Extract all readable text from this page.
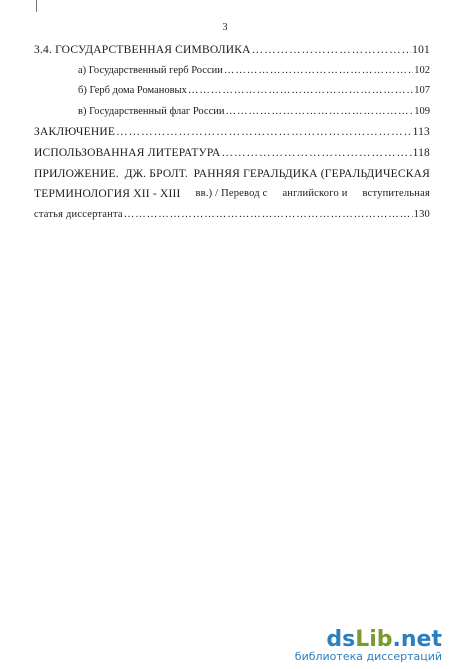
3
3.4. ГОСУДАРСТВЕННАЯ СИМВОЛИКА …………………………………………………………………………………………………………………………………………	101
а) Государственный герб России …………………………………………………………………………………………………………………………………………	102
б) Герб дома Романовых …………………………………………………………………………………………………………………………………………	107
в) Государственный флаг России …………………………………………………………………………………………………………………………………………	109
ЗАКЛЮЧЕНИЕ …………………………………………………………………………………………………………………………………………	113
ИСПОЛЬЗОВАННАЯ ЛИТЕРАТУРА …………………………………………………………………………………………………………………………………………	118
ПРИЛОЖЕНИЕ. ДЖ. БРОЛТ. РАННЯЯ ГЕРАЛЬДИКА (ГЕРАЛЬДИЧЕСКАЯ
ТЕРМИНОЛОГИЯ XII - XIII вв.) / Перевод с английского и вступительная
статья диссертанта …………………………………………………………………………………………………………………………………………	130
dsLib.net
библиотека диссертаций
